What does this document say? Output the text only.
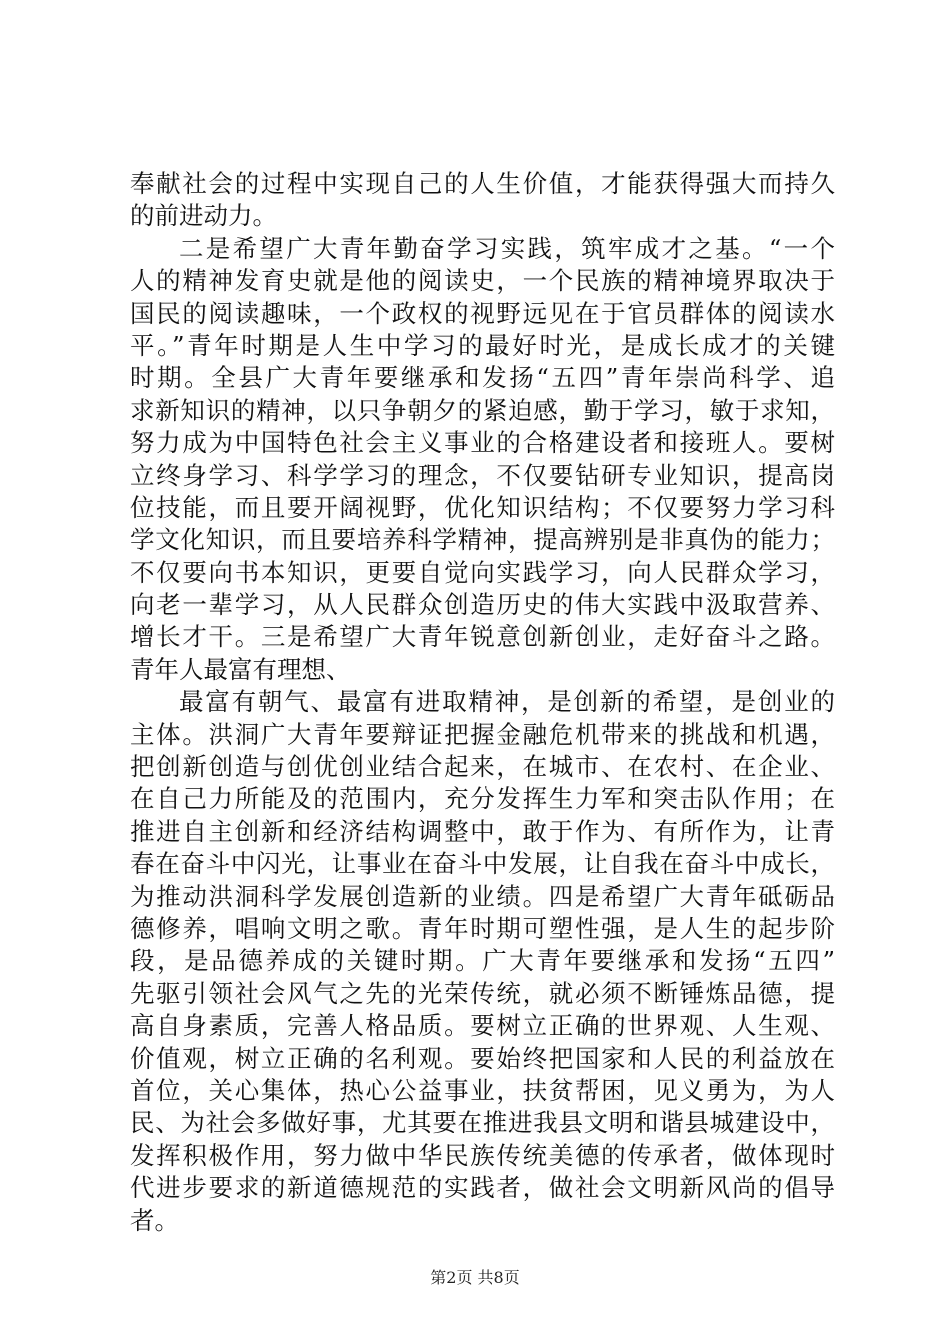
奉献社会的过程中实现自己的人生价值，才能获得强大而持久
的前进动力。
二是希望广大青年勤奋学习实践，筑牢成才之基。“一个
人的精神发育史就是他的阅读史，一个民族的精神境界取决于
国民的阅读趣味，一个政权的视野远见在于官员群体的阅读水
平。”青年时期是人生中学习的最好时光，是成长成才的关键
时期。全县广大青年要继承和发扬“五四”青年崇尚科学、追
求新知识的精神，以只争朝夕的紧迫感，勤于学习，敏于求知，
努力成为中国特色社会主义事业的合格建设者和接班人。要树
立终身学习、科学学习的理念，不仅要钻研专业知识，提高岗
位技能，而且要开阔视野，优化知识结构；不仅要努力学习科
学文化知识，而且要培养科学精神，提高辨别是非真伪的能力；
不仅要向书本知识，更要自觉向实践学习，向人民群众学习，
向老一辈学习，从人民群众创造历史的伟大实践中汲取营养、
增长才干。三是希望广大青年锐意创新创业，走好奋斗之路。
青年人最富有理想、
最富有朝气、最富有进取精神，是创新的希望，是创业的
主体。洪洞广大青年要辩证把握金融危机带来的挑战和机遇，
把创新创造与创优创业结合起来，在城市、在农村、在企业、
在自己力所能及的范围内，充分发挥生力军和突击队作用；在
推进自主创新和经济结构调整中，敢于作为、有所作为，让青
春在奋斗中闪光，让事业在奋斗中发展，让自我在奋斗中成长，
为推动洪洞科学发展创造新的业绩。四是希望广大青年砥砺品
德修养，唱响文明之歌。青年时期可塑性强，是人生的起步阶
段，是品德养成的关键时期。广大青年要继承和发扬“五四”
先驱引领社会风气之先的光荣传统，就必须不断锤炼品德，提
高自身素质，完善人格品质。要树立正确的世界观、人生观、
价值观，树立正确的名利观。要始终把国家和人民的利益放在
首位，关心集体，热心公益事业，扶贫帮困，见义勇为，为人
民、为社会多做好事，尤其要在推进我县文明和谐县城建设中，
发挥积极作用，努力做中华民族传统美德的传承者，做体现时
代进步要求的新道德规范的实践者，做社会文明新风尚的倡导
者。
第2页 共8页
